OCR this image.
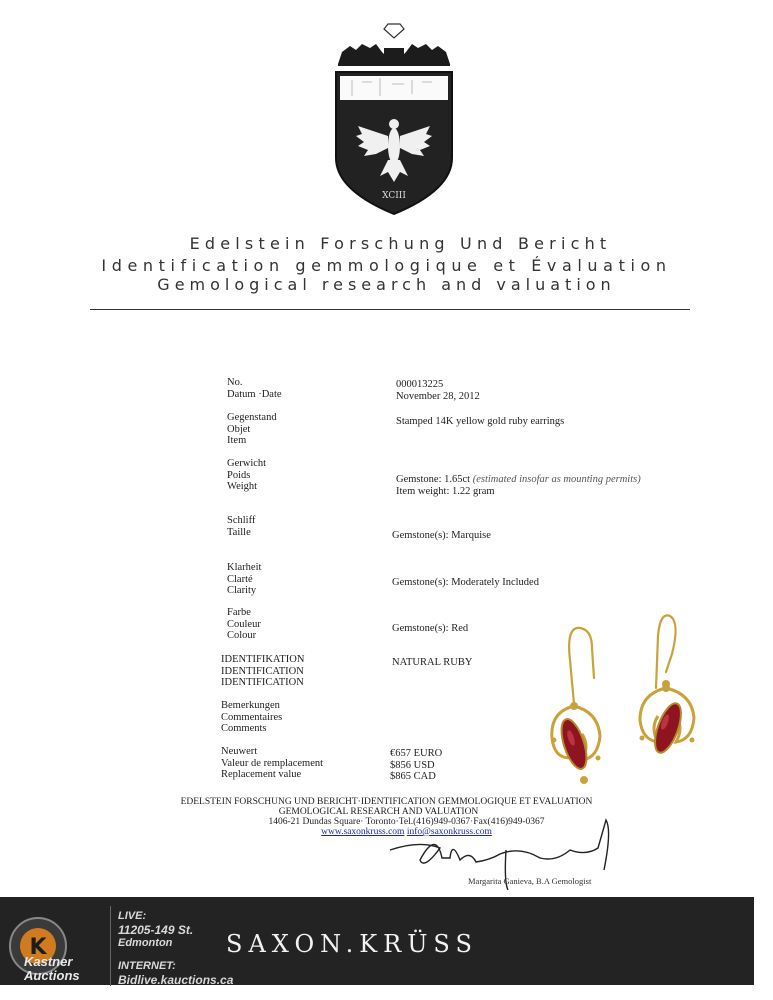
XCIII
Edelstein Forschung Und Bericht
Identification gemmologique et Évaluation
Gemological research and valuation
No.
Datum ·Date
000013225
November 28, 2012
Gegenstand
Objet
Item
Stamped 14K yellow gold ruby earrings
Gerwicht
Poids
Weight
Gemstone: 1.65ct (estimated insofar as mounting permits)
Item weight: 1.22 gram
Schliff
Taille	Gemstone(s): Marquise
Klarheit
Clarté
Clarity
Gemstone(s): Moderately Included
Farbe
Couleur
Colour
Gemstone(s): Red
IDENTIFIKATION
IDENTIFICATION
IDENTIFICATION
NATURAL RUBY
Bemerkungen
Commentaires
Comments
Neuwert
Valeur de remplacement
Replacement value
€657 EURO
$856 USD
$865 CAD
EDELSTEIN FORSCHUNG UND BERICHT·IDENTIFICATION GEMMOLOGIQUE ET EVALUATION
GEMOLOGICAL RESEARCH AND VALUATION
1406-21 Dundas Square· Toronto·Tel.(416)949-0367·Fax(416)949-0367
www.saxonkruss.com info@saxonkruss.com
Margarita Ganieva, B.A Gemologist
SAXON.KRÜSS
K
Kastner
Auctions
LIVE:
11205-149 St.
Edmonton
INTERNET:
Bidlive.kauctions.ca
